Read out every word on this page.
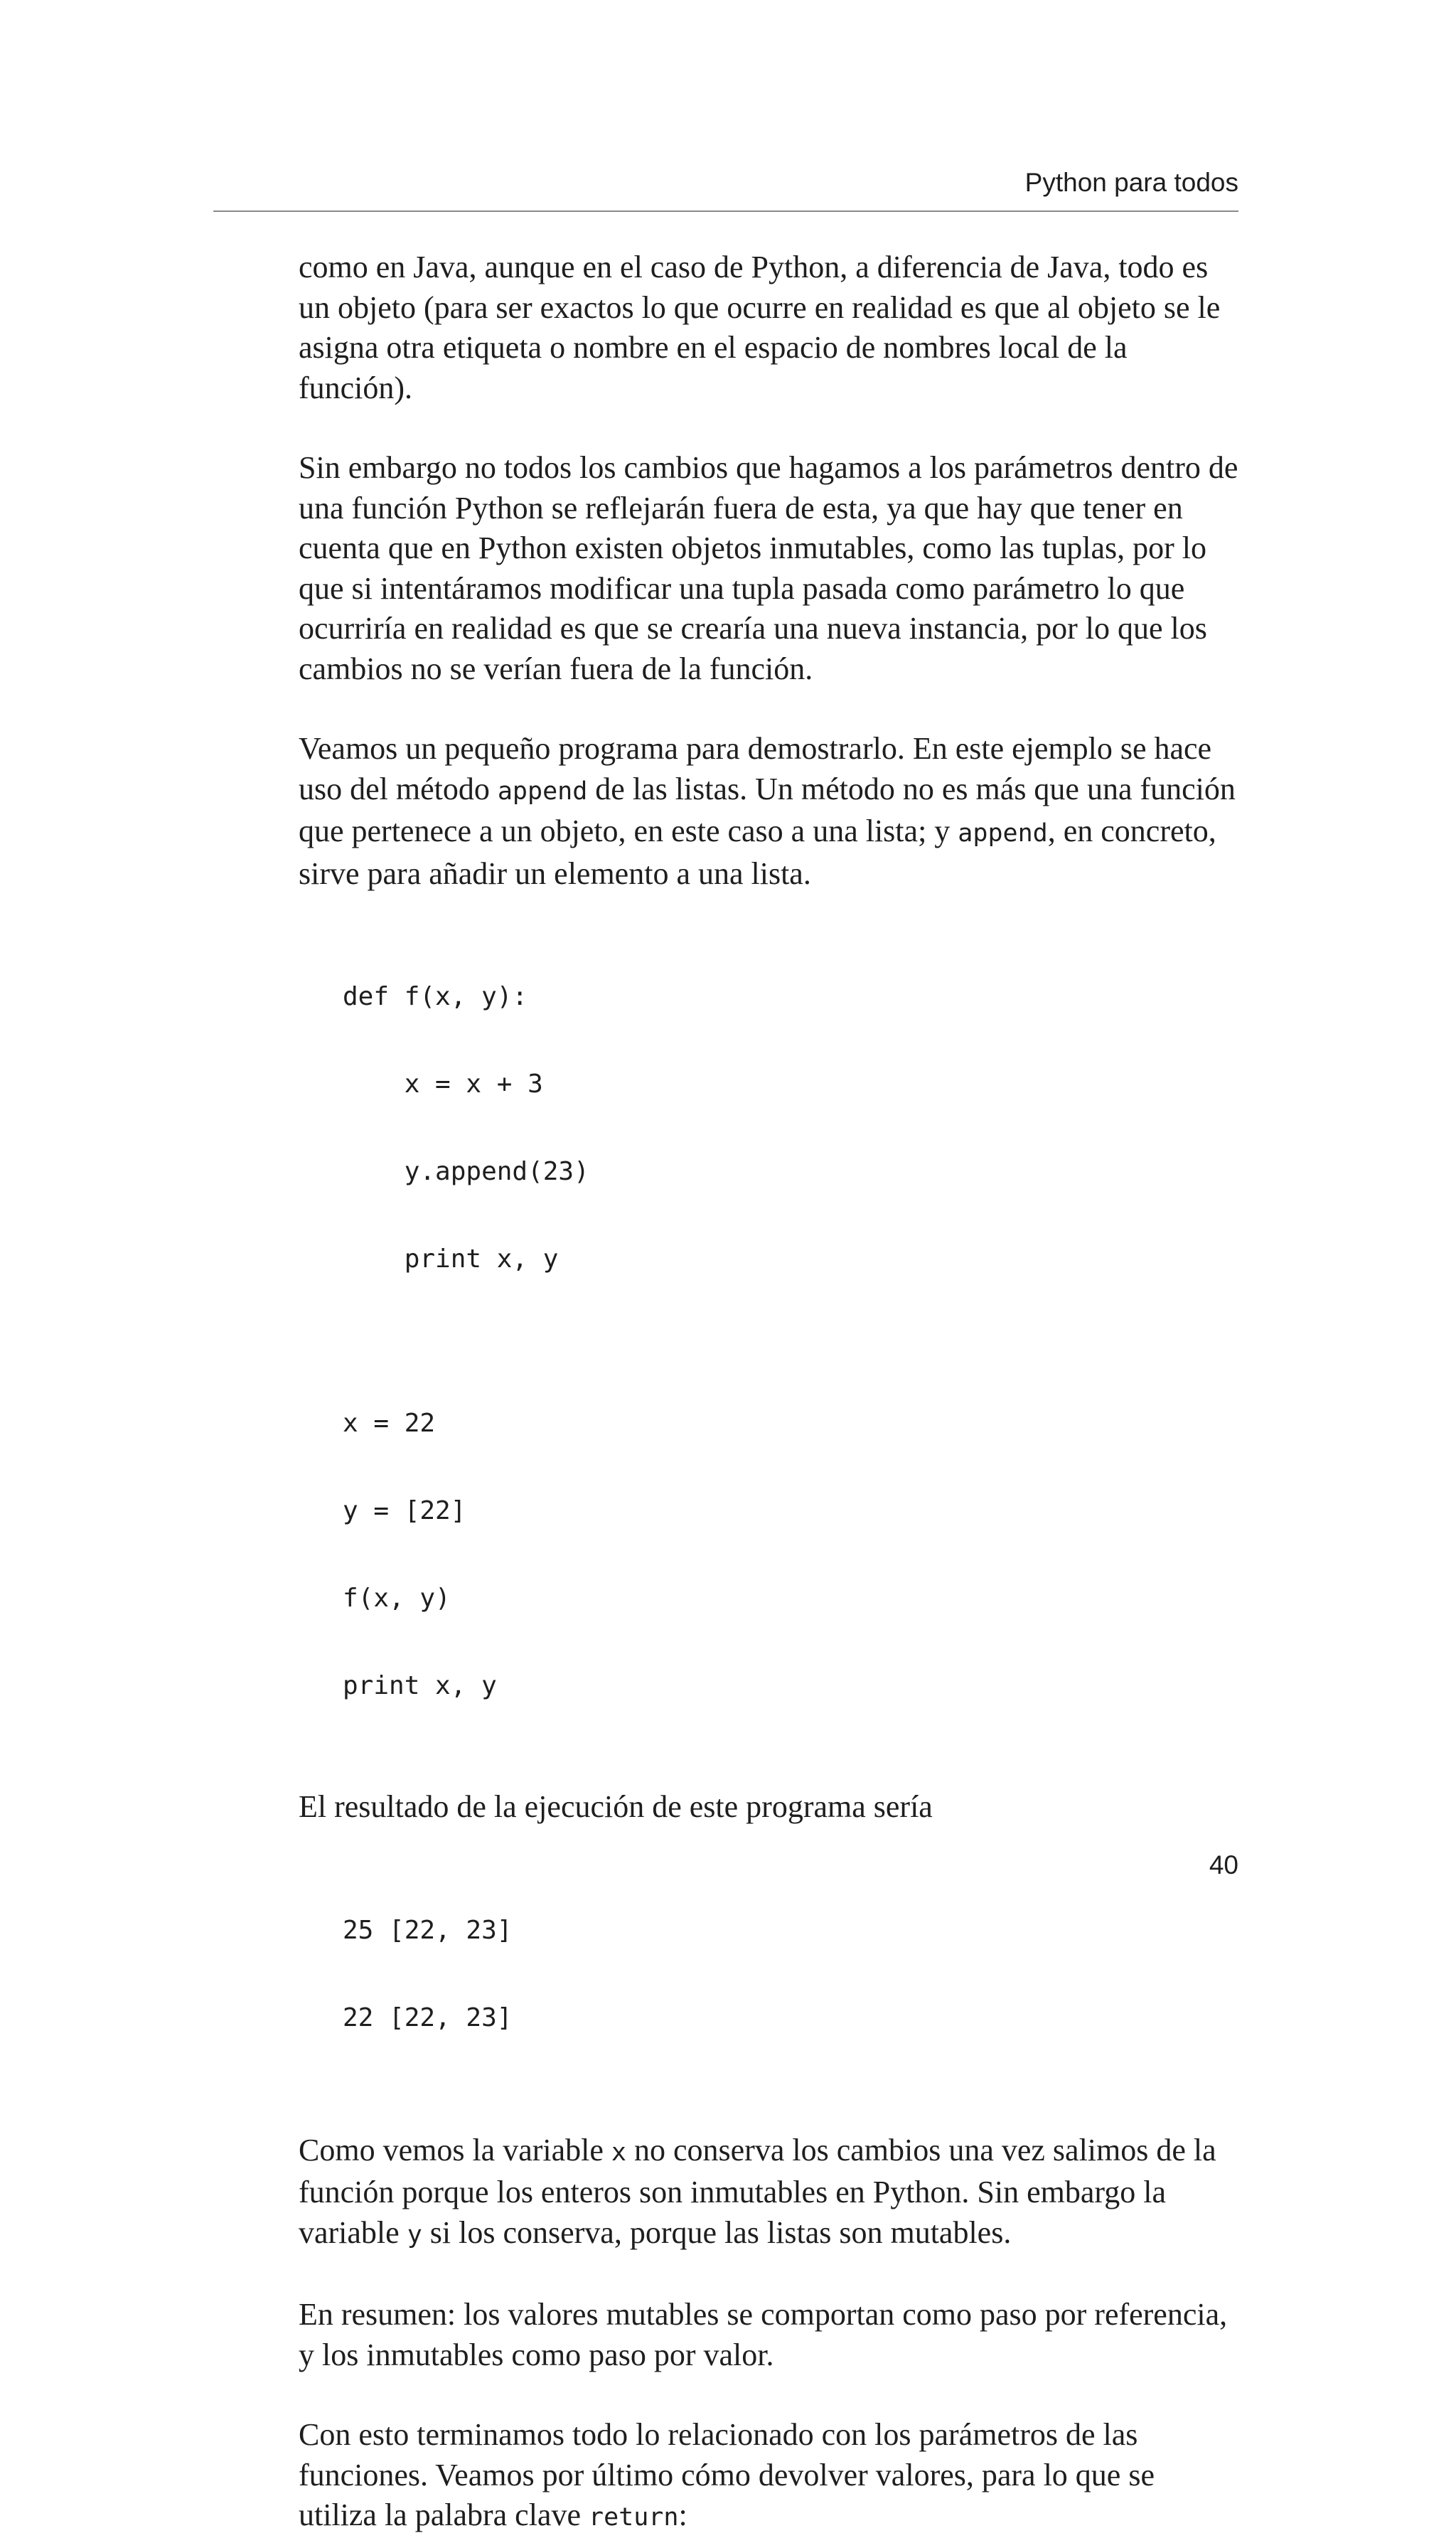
Python para todos

como en Java, aunque en el caso de Python, a diferencia de Java, todo es un objeto (para ser exactos lo que ocurre en realidad es que al objeto se le asigna otra etiqueta o nombre en el espacio de nombres local de la función).

Sin embargo no todos los cambios que hagamos a los parámetros dentro de una función Python se reflejarán fuera de esta, ya que hay que tener en cuenta que en Python existen objetos inmutables, como las tuplas, por lo que si intentáramos modificar una tupla pasada como parámetro lo que ocurriría en realidad es que se crearía una nueva instancia, por lo que los cambios no se verían fuera de la función.

Veamos un pequeño programa para demostrarlo. En este ejemplo se hace uso del método append de las listas. Un método no es más que una función que pertenece a un objeto, en este caso a una lista; y append, en concreto, sirve para añadir un elemento a una lista.

def f(x, y):

x = x + 3

y.append(23)

print x, y

x = 22

y = [22]

f(x, y)

print x, y

El resultado de la ejecución de este programa sería

25 [22, 23]

22 [22, 23]

Como vemos la variable x no conserva los cambios una vez salimos de la función porque los enteros son inmutables en Python. Sin embargo la variable y si los conserva, porque las listas son mutables.

En resumen: los valores mutables se comportan como paso por referencia, y los inmutables como paso por valor.

Con esto terminamos todo lo relacionado con los parámetros de las funciones. Veamos por último cómo devolver valores, para lo que se utiliza la palabra clave return:

40
